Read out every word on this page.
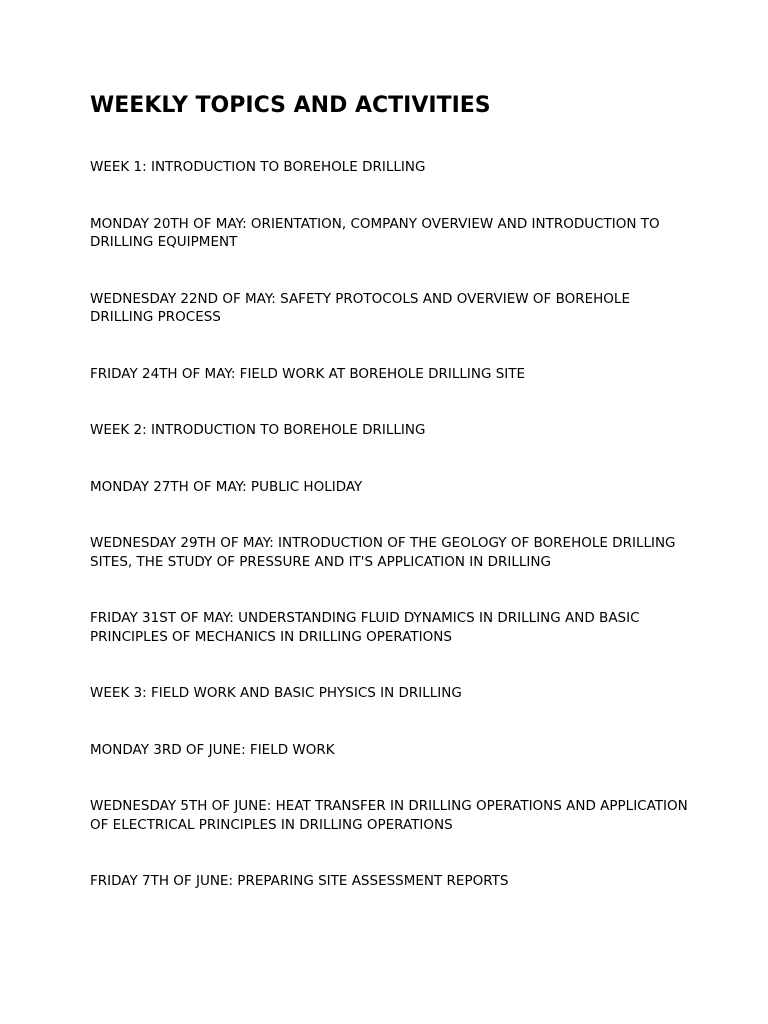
WEEKLY TOPICS AND ACTIVITIES

WEEK 1: INTRODUCTION TO BOREHOLE DRILLING

MONDAY 20TH OF MAY: ORIENTATION, COMPANY OVERVIEW AND INTRODUCTION TO DRILLING EQUIPMENT

WEDNESDAY 22ND OF MAY: SAFETY PROTOCOLS AND OVERVIEW OF BOREHOLE DRILLING PROCESS

FRIDAY 24TH OF MAY: FIELD WORK AT BOREHOLE DRILLING SITE

WEEK 2: INTRODUCTION TO BOREHOLE DRILLING

MONDAY 27TH OF MAY: PUBLIC HOLIDAY

WEDNESDAY 29TH OF MAY: INTRODUCTION OF THE GEOLOGY OF BOREHOLE DRILLING SITES, THE STUDY OF PRESSURE AND IT'S APPLICATION IN DRILLING

FRIDAY 31ST OF MAY: UNDERSTANDING FLUID DYNAMICS IN DRILLING AND BASIC PRINCIPLES OF MECHANICS IN DRILLING OPERATIONS

WEEK 3: FIELD WORK AND BASIC PHYSICS IN DRILLING

MONDAY 3RD OF JUNE: FIELD WORK

WEDNESDAY 5TH OF JUNE: HEAT TRANSFER IN DRILLING OPERATIONS AND APPLICATION OF ELECTRICAL PRINCIPLES IN DRILLING OPERATIONS

FRIDAY 7TH OF JUNE: PREPARING SITE ASSESSMENT REPORTS
